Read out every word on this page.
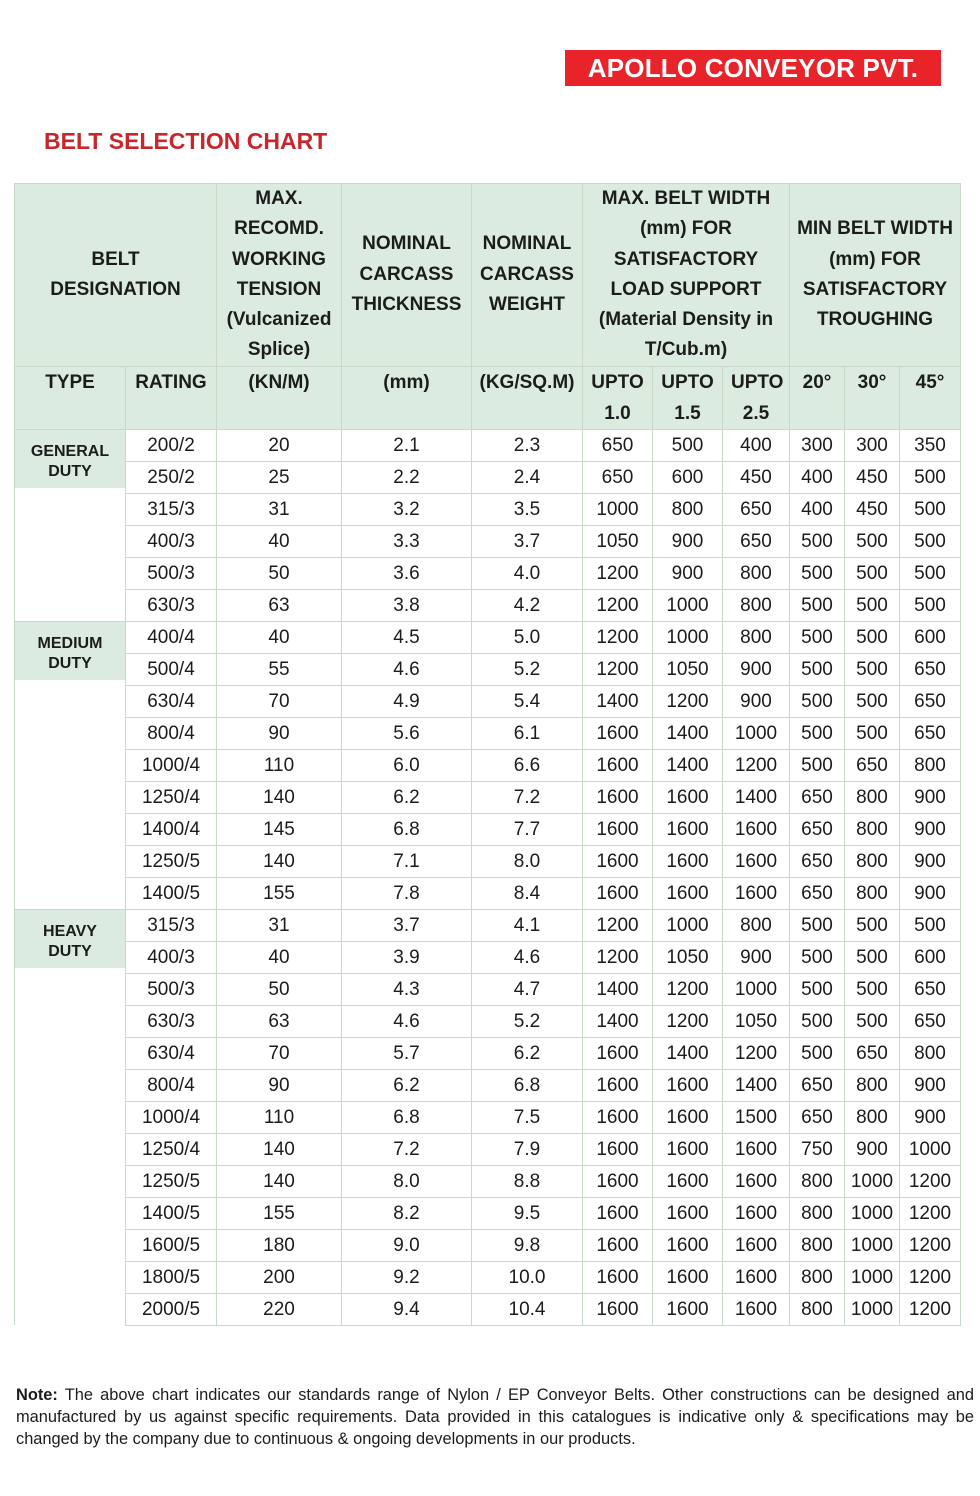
APOLLO CONVEYOR PVT. LTD.
BELT SELECTION CHART
BELT DESIGNATION		MAX. RECOMD. WORKING TENSION (Vulcanized Splice)	NOMINAL CARCASS THICKNESS	NOMINAL CARCASS WEIGHT	MAX. BELT WIDTH (mm) FOR SATISFACTORY LOAD SUPPORT (Material Density in T/Cub.m)			MIN BELT WIDTH (mm) FOR SATISFACTORY TROUGHING		
TYPE	RATING	(KN/M)	(mm)	(KG/SQ.M)	UPTO 1.0	UPTO 1.5	UPTO 2.5	20°	30°	45°

GENERAL DUTY	200/2	20	2.1	2.3	650	500	400	300	300	350
	250/2	25	2.2	2.4	650	600	450	400	450	500
	315/3	31	3.2	3.5	1000	800	650	400	450	500
	400/3	40	3.3	3.7	1050	900	650	500	500	500
	500/3	50	3.6	4.0	1200	900	800	500	500	500
	630/3	63	3.8	4.2	1200	1000	800	500	500	500

MEDIUM DUTY	400/4	40	4.5	5.0	1200	1000	800	500	500	600
	500/4	55	4.6	5.2	1200	1050	900	500	500	650
	630/4	70	4.9	5.4	1400	1200	900	500	500	650
	800/4	90	5.6	6.1	1600	1400	1000	500	500	650
	1000/4	110	6.0	6.6	1600	1400	1200	500	650	800
	1250/4	140	6.2	7.2	1600	1600	1400	650	800	900
	1400/4	145	6.8	7.7	1600	1600	1600	650	800	900
	1250/5	140	7.1	8.0	1600	1600	1600	650	800	900
	1400/5	155	7.8	8.4	1600	1600	1600	650	800	900

HEAVY DUTY	315/3	31	3.7	4.1	1200	1000	800	500	500	500
	400/3	40	3.9	4.6	1200	1050	900	500	500	600
	500/3	50	4.3	4.7	1400	1200	1000	500	500	650
	630/3	63	4.6	5.2	1400	1200	1050	500	500	650
	630/4	70	5.7	6.2	1600	1400	1200	500	650	800
	800/4	90	6.2	6.8	1600	1600	1400	650	800	900
	1000/4	110	6.8	7.5	1600	1600	1500	650	800	900
	1250/4	140	7.2	7.9	1600	1600	1600	750	900	1000
	1250/5	140	8.0	8.8	1600	1600	1600	800	1000	1200
	1400/5	155	8.2	9.5	1600	1600	1600	800	1000	1200
	1600/5	180	9.0	9.8	1600	1600	1600	800	1000	1200
	1800/5	200	9.2	10.0	1600	1600	1600	800	1000	1200
	2000/5	220	9.4	10.4	1600	1600	1600	800	1000	1200
Note: The above chart indicates our standards range of Nylon / EP Conveyor Belts. Other constructions can be designed and manufactured by us against specific requirements. Data provided in this catalogues is indicative only & specifications may be changed by the company due to continuous & ongoing developments in our products.
